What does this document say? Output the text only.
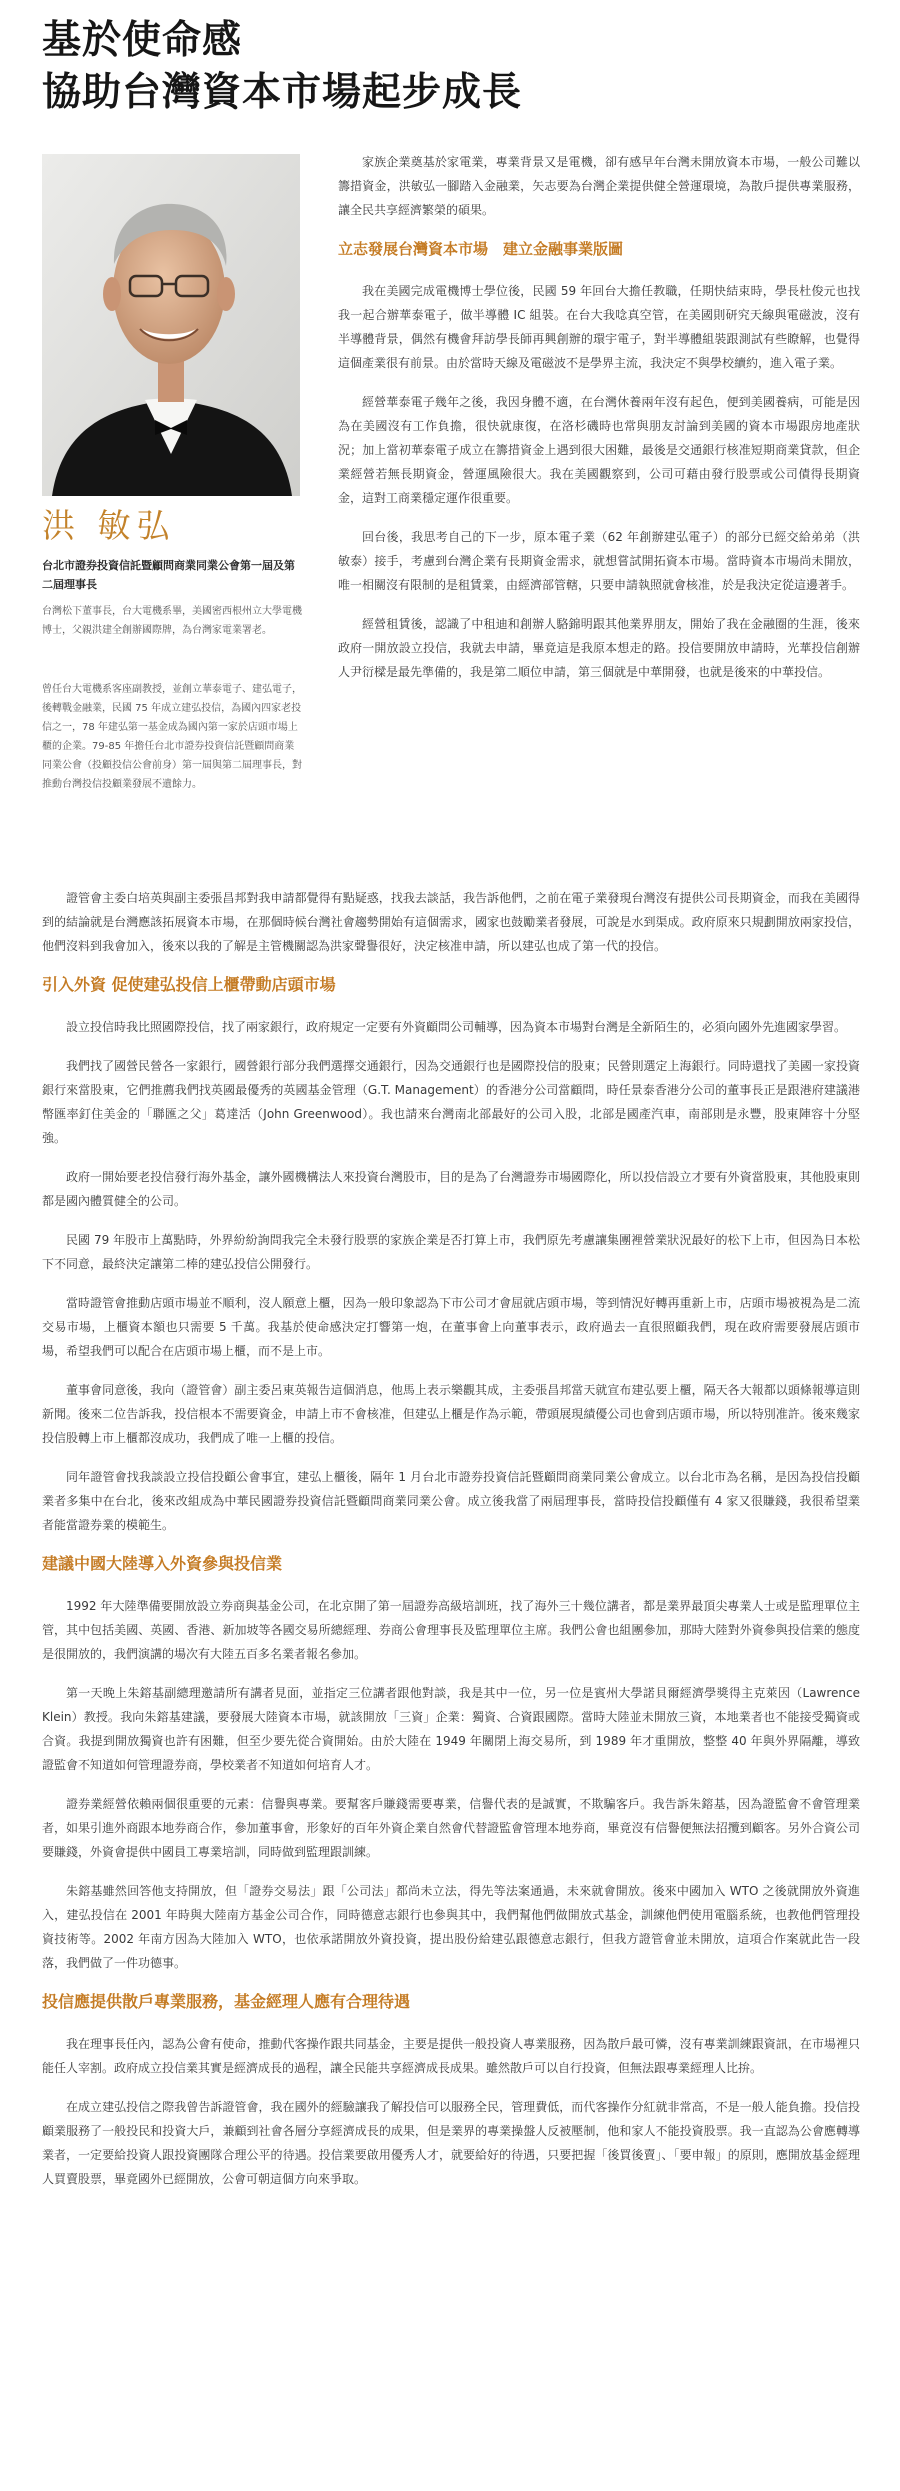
基於使命感
協助台灣資本市場起步成長
洪 敏弘
台北市證券投資信託暨顧問商業同業公會第一屆及第二屆理事長
台灣松下董事長，台大電機系畢，美國密西根州立大學電機博士，父親洪建全創辦國際牌，為台灣家電業署老。
曾任台大電機系客座副教授，並創立華泰電子、建弘電子，後轉戰金融業，民國 75 年成立建弘投信，為國內四家老投信之一，78 年建弘第一基金成為國內第一家於店頭市場上櫃的企業。79-85 年擔任台北市證券投資信託暨顧問商業同業公會（投顧投信公會前身）第一屆與第二屆理事長，對推動台灣投信投顧業發展不遺餘力。

家族企業奠基於家電業，專業背景又是電機，卻有感早年台灣未開放資本市場，一般公司難以籌措資金，洪敏弘一腳踏入金融業，矢志要為台灣企業提供健全營運環境，為散戶提供專業服務，讓全民共享經濟繁榮的碩果。

立志發展台灣資本市場　建立金融事業版圖

我在美國完成電機博士學位後，民國 59 年回台大擔任教職，任期快結束時，學長杜俊元也找我一起合辦華泰電子，做半導體 IC 組裝。在台大我唸真空管，在美國則研究天線與電磁波，沒有半導體背景，偶然有機會拜訪學長師再興創辦的環宇電子，對半導體組裝跟測試有些瞭解，也覺得這個產業很有前景。由於當時天線及電磁波不是學界主流，我決定不與學校續約，進入電子業。

經營華泰電子幾年之後，我因身體不適，在台灣休養兩年沒有起色，便到美國養病，可能是因為在美國沒有工作負擔，很快就康復，在洛杉磯時也常與朋友討論到美國的資本市場跟房地產狀況；加上當初華泰電子成立在籌措資金上遇到很大困難，最後是交通銀行核准短期商業貸款，但企業經營若無長期資金，營運風險很大。我在美國觀察到，公司可藉由發行股票或公司債得長期資金，這對工商業穩定運作很重要。

回台後，我思考自己的下一步，原本電子業（62 年創辦建弘電子）的部分已經交給弟弟（洪敏泰）接手，考慮到台灣企業有長期資金需求，就想嘗試開拓資本市場。當時資本市場尚未開放，唯一相關沒有限制的是租賃業，由經濟部管轄，只要申請執照就會核准，於是我決定從這邊著手。

經營租賃後，認識了中租迪和創辦人駱錦明跟其他業界朋友，開始了我在金融圈的生涯，後來政府一開放設立投信，我就去申請，畢竟這是我原本想走的路。投信要開放申請時，光華投信創辦人尹衍樑是最先準備的，我是第二順位申請，第三個就是中華開發，也就是後來的中華投信。

證管會主委白培英與副主委張昌邦對我申請都覺得有點疑惑，找我去談話，我告訴他們，之前在電子業發現台灣沒有提供公司長期資金，而我在美國得到的結論就是台灣應該拓展資本市場，在那個時候台灣社會趨勢開始有這個需求，國家也鼓勵業者發展，可說是水到渠成。政府原來只規劃開放兩家投信，他們沒料到我會加入，後來以我的了解是主管機關認為洪家聲譽很好，決定核准申請，所以建弘也成了第一代的投信。

引入外資 促使建弘投信上櫃帶動店頭市場

設立投信時我比照國際投信，找了兩家銀行，政府規定一定要有外資顧問公司輔導，因為資本市場對台灣是全新陌生的，必須向國外先進國家學習。

我們找了國營民營各一家銀行，國營銀行部分我們選擇交通銀行，因為交通銀行也是國際投信的股東；民營則選定上海銀行。同時還找了美國一家投資銀行來當股東，它們推薦我們找英國最優秀的英國基金管理（G.T. Management）的香港分公司當顧問，時任景泰香港分公司的董事長正是跟港府建議港幣匯率釘住美金的「聯匯之父」葛達活（John Greenwood）。我也請來台灣南北部最好的公司入股，北部是國產汽車，南部則是永豐，股東陣容十分堅強。

政府一開始要老投信發行海外基金，讓外國機構法人來投資台灣股市，目的是為了台灣證券市場國際化，所以投信設立才要有外資當股東，其他股東則都是國內體質健全的公司。

民國 79 年股市上萬點時，外界紛紛詢問我完全未發行股票的家族企業是否打算上市，我們原先考慮讓集團裡營業狀況最好的松下上市，但因為日本松下不同意，最終決定讓第二棒的建弘投信公開發行。

當時證管會推動店頭市場並不順利，沒人願意上櫃，因為一般印象認為下市公司才會屈就店頭市場，等到情況好轉再重新上市，店頭市場被視為是二流交易市場，上櫃資本額也只需要 5 千萬。我基於使命感決定打響第一炮，在董事會上向董事表示，政府過去一直很照顧我們，現在政府需要發展店頭市場，希望我們可以配合在店頭市場上櫃，而不是上市。

董事會同意後，我向（證管會）副主委呂東英報告這個消息，他馬上表示樂觀其成，主委張昌邦當天就宣布建弘要上櫃，隔天各大報都以頭條報導這則新聞。後來二位告訴我，投信根本不需要資金，申請上市不會核准，但建弘上櫃是作為示範，帶頭展現績優公司也會到店頭市場，所以特別准許。後來幾家投信股轉上市上櫃都沒成功，我們成了唯一上櫃的投信。

同年證管會找我談設立投信投顧公會事宜，建弘上櫃後，隔年 1 月台北市證券投資信託暨顧問商業同業公會成立。以台北市為名稱，是因為投信投顧業者多集中在台北，後來改組成為中華民國證券投資信託暨顧問商業同業公會。成立後我當了兩屆理事長，當時投信投顧僅有 4 家又很賺錢，我很希望業者能當證券業的模範生。

建議中國大陸導入外資參與投信業

1992 年大陸準備要開放設立券商與基金公司，在北京開了第一屆證券高級培訓班，找了海外三十幾位講者，都是業界最頂尖專業人士或是監理單位主管，其中包括美國、英國、香港、新加坡等各國交易所總經理、券商公會理事長及監理單位主席。我們公會也組團參加，那時大陸對外資參與投信業的態度是很開放的，我們演講的場次有大陸五百多名業者報名參加。

第一天晚上朱鎔基副總理邀請所有講者見面，並指定三位講者跟他對談，我是其中一位，另一位是賓州大學諾貝爾經濟學獎得主克萊因（Lawrence Klein）教授。我向朱鎔基建議，要發展大陸資本市場，就該開放「三資」企業：獨資、合資跟國際。當時大陸並未開放三資，本地業者也不能接受獨資或合資。我提到開放獨資也許有困難，但至少要先從合資開始。由於大陸在 1949 年關閉上海交易所，到 1989 年才重開放，整整 40 年與外界隔離，導致證監會不知道如何管理證券商，學校業者不知道如何培育人才。

證券業經營依賴兩個很重要的元素：信譽與專業。要幫客戶賺錢需要專業，信譽代表的是誠實，不欺騙客戶。我告訴朱鎔基，因為證監會不會管理業者，如果引進外商跟本地券商合作，參加董事會，形象好的百年外資企業自然會代替證監會管理本地券商，畢竟沒有信譽便無法招攬到顧客。另外合資公司要賺錢，外資會提供中國員工專業培訓，同時做到監理跟訓練。

朱鎔基雖然回答他支持開放，但「證券交易法」跟「公司法」都尚未立法，得先等法案通過，未來就會開放。後來中國加入 WTO 之後就開放外資進入，建弘投信在 2001 年時與大陸南方基金公司合作，同時德意志銀行也參與其中，我們幫他們做開放式基金，訓練他們使用電腦系統，也教他們管理投資技術等。2002 年南方因為大陸加入 WTO，也依承諾開放外資投資，提出股份給建弘跟德意志銀行，但我方證管會並未開放，這項合作案就此告一段落，我們做了一件功德事。

投信應提供散戶專業服務，基金經理人應有合理待遇

我在理事長任內，認為公會有使命，推動代客操作跟共同基金，主要是提供一般投資人專業服務，因為散戶最可憐，沒有專業訓練跟資訊，在市場裡只能任人宰割。政府成立投信業其實是經濟成長的過程，讓全民能共享經濟成長成果。雖然散戶可以自行投資，但無法跟專業經理人比拚。

在成立建弘投信之際我曾告訴證管會，我在國外的經驗讓我了解投信可以服務全民，管理費低，而代客操作分紅就非常高，不是一般人能負擔。投信投顧業服務了一般投民和投資大戶，兼顧到社會各層分享經濟成長的成果，但是業界的專業操盤人反被壓制，他和家人不能投資股票。我一直認為公會應轉導業者，一定要給投資人跟投資團隊合理公平的待遇。投信業要啟用優秀人才，就要給好的待遇，只要把握「後買後賣」、「要申報」的原則，應開放基金經理人買賣股票，畢竟國外已經開放，公會可朝這個方向來爭取。
